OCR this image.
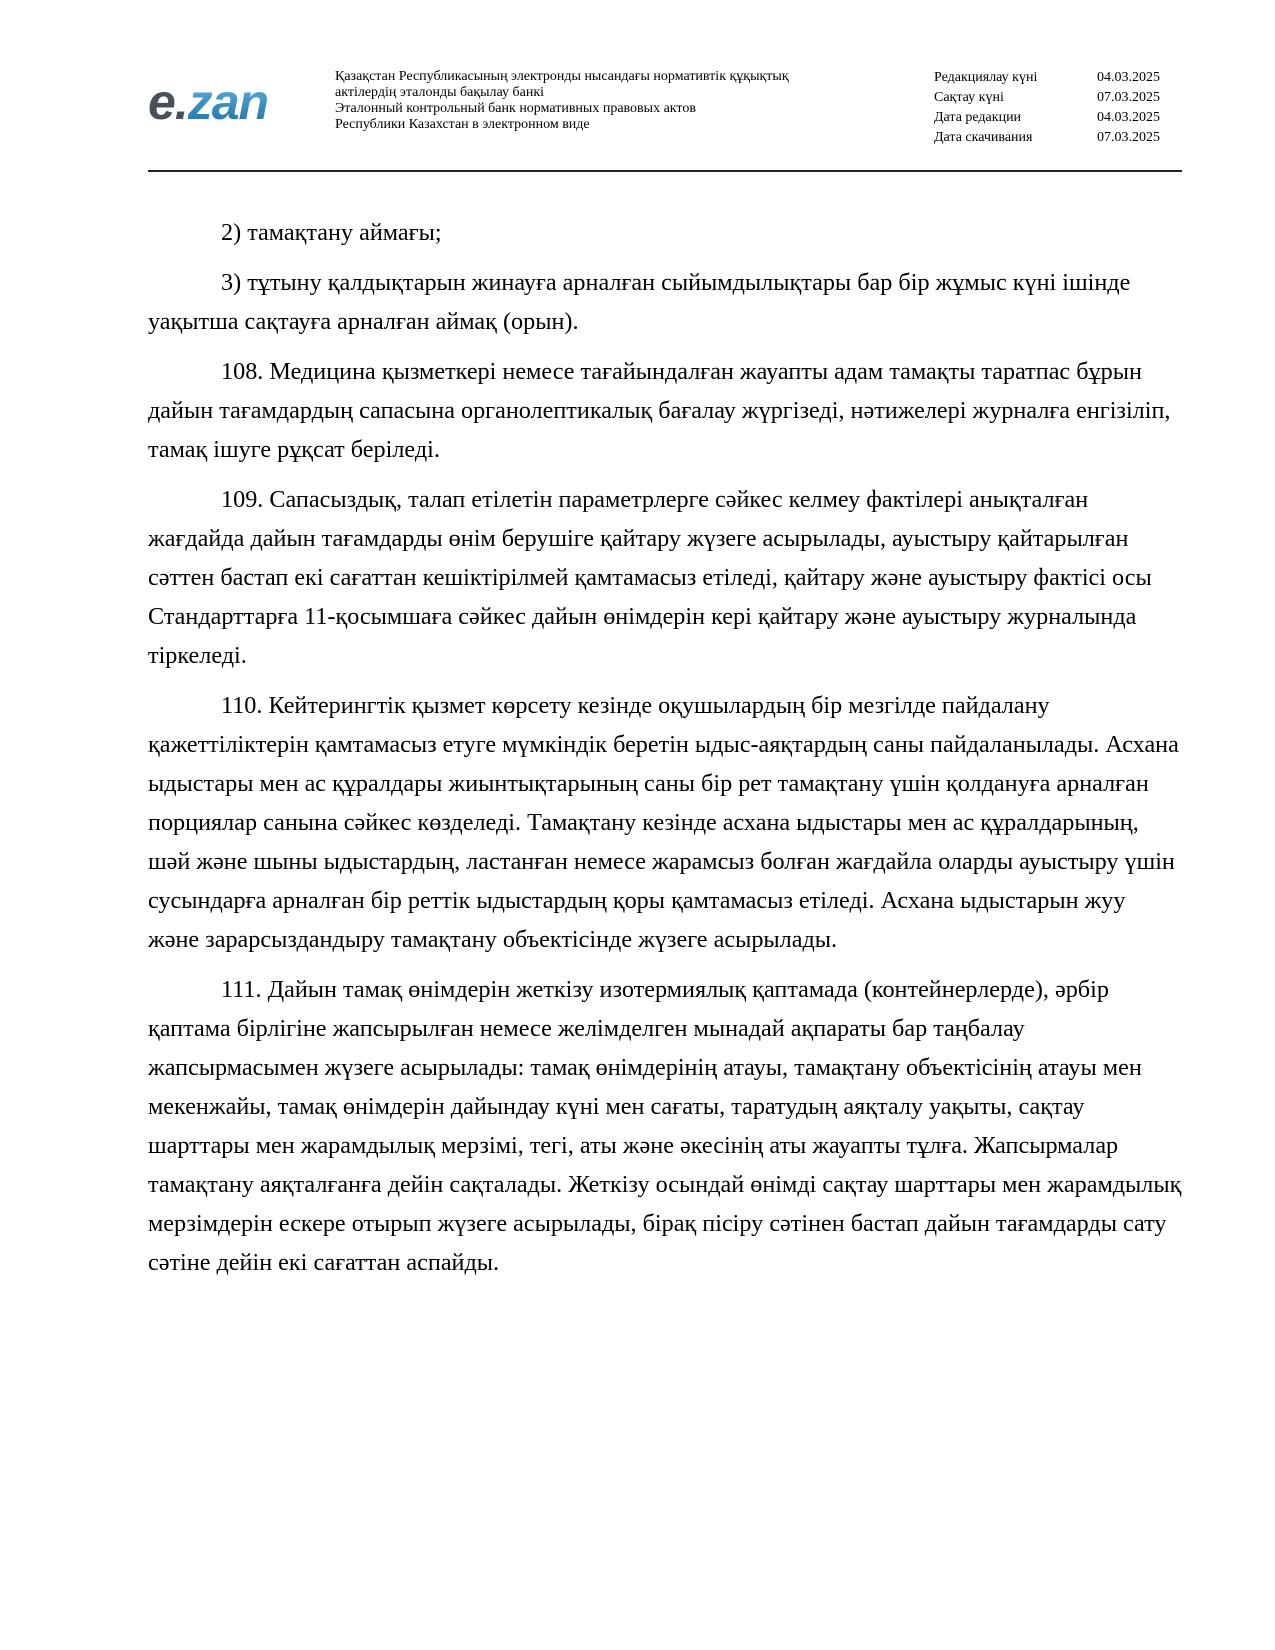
e.zan	Қазақстан Республикасының электронды нысандағы нормативтік құқықтық
актілердің эталонды бақылау банкі
Эталонный контрольный банк нормативных правовых актов
Республики Казахстан в электронном виде
Редакциялау күні	04.03.2025
Сақтау күні	07.03.2025
Дата редакции	04.03.2025
Дата скачивания	07.03.2025

2) тамақтану аймағы;

3) тұтыну қалдықтарын жинауға арналған сыйымдылықтары бар бір жұмыс күні ішінде уақытша сақтауға арналған аймақ (орын).

108. Медицина қызметкері немесе тағайындалған жауапты адам тамақты таратпас бұрын дайын тағамдардың сапасына органолептикалық бағалау жүргізеді, нәтижелері журналға енгізіліп, тамақ ішуге рұқсат беріледі.

109. Сапасыздық, талап етілетін параметрлерге сәйкес келмеу фактілері анықталған жағдайда дайын тағамдарды өнім берушіге қайтару жүзеге асырылады, ауыстыру қайтарылған сәттен бастап екі сағаттан кешіктірілмей қамтамасыз етіледі, қайтару және ауыстыру фактісі осы Стандарттарға 11-қосымшаға сәйкес дайын өнімдерін кері қайтару және ауыстыру журналында тіркеледі.

110. Кейтерингтік қызмет көрсету кезінде оқушылардың бір мезгілде пайдалану қажеттіліктерін қамтамасыз етуге мүмкіндік беретін ыдыс-аяқтардың саны пайдаланылады. Асхана ыдыстары мен ас құралдары жиынтықтарының саны бір рет тамақтану үшін қолдануға арналған порциялар санына сәйкес көзделеді. Тамақтану кезінде асхана ыдыстары мен ас құралдарының, шәй және шыны ыдыстардың, ластанған немесе жарамсыз болған жағдайла оларды ауыстыру үшін сусындарға арналған бір реттік ыдыстардың қоры қамтамасыз етіледі. Асхана ыдыстарын жуу және зарарсыздандыру тамақтану объектісінде жүзеге асырылады.

111. Дайын тамақ өнімдерін жеткізу изотермиялық қаптамада (контейнерлерде), әрбір қаптама бірлігіне жапсырылған немесе желімделген мынадай ақпараты бар таңбалау жапсырмасымен жүзеге асырылады: тамақ өнімдерінің атауы, тамақтану объектісінің атауы мен мекенжайы, тамақ өнімдерін дайындау күні мен сағаты, таратудың аяқталу уақыты, сақтау шарттары мен жарамдылық мерзімі, тегі, аты және әкесінің аты жауапты тұлға. Жапсырмалар тамақтану аяқталғанға дейін сақталады. Жеткізу осындай өнімді сақтау шарттары мен жарамдылық мерзімдерін ескере отырып жүзеге асырылады, бірақ пісіру сәтінен бастап дайын тағамдарды сату сәтіне дейін екі сағаттан аспайды.
